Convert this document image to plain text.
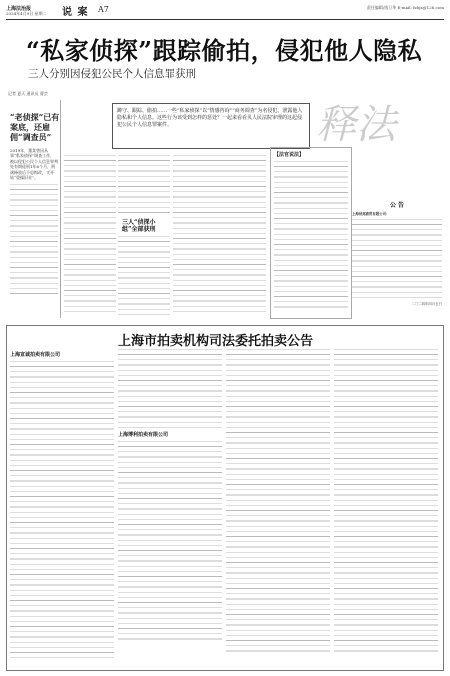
上海法治报
2024年4月9日 星期二 说 案 A7	责任编辑/钱卫华 E-mail: fzbjz@126.com
“私家侦探”跟踪偷拍，侵犯他人隐私
三人分别因侵犯公民个人信息罪获刑
记者 夏天 通讯员 曹芸
“老侦探”已有案底，还雇佣“调查员”
2019年，董某曾因从事“私家侦探”调查工作，被以侵犯公民个人信息罪判处有期徒刑1年6个月，刑满释放后不思悔改，又开始“重操旧业”。

蹲守、跟踪、偷拍……一些“私家侦探”以“情感咨询”“商务调查”为名侵犯、泄露他人隐私和个人信息。这些行为该受到怎样的惩处？一起来看看贝人民法院审理的这起侵犯公民个人信息罪案件。	释法
三人“侦探小组”全部获刑
【法官说法】
公 告
上海浔邦商贸有限公司：
二〇二四年四月五日
上海市拍卖机构司法委托拍卖公告
上海宣诚拍卖有限公司
上海博利拍卖有限公司
